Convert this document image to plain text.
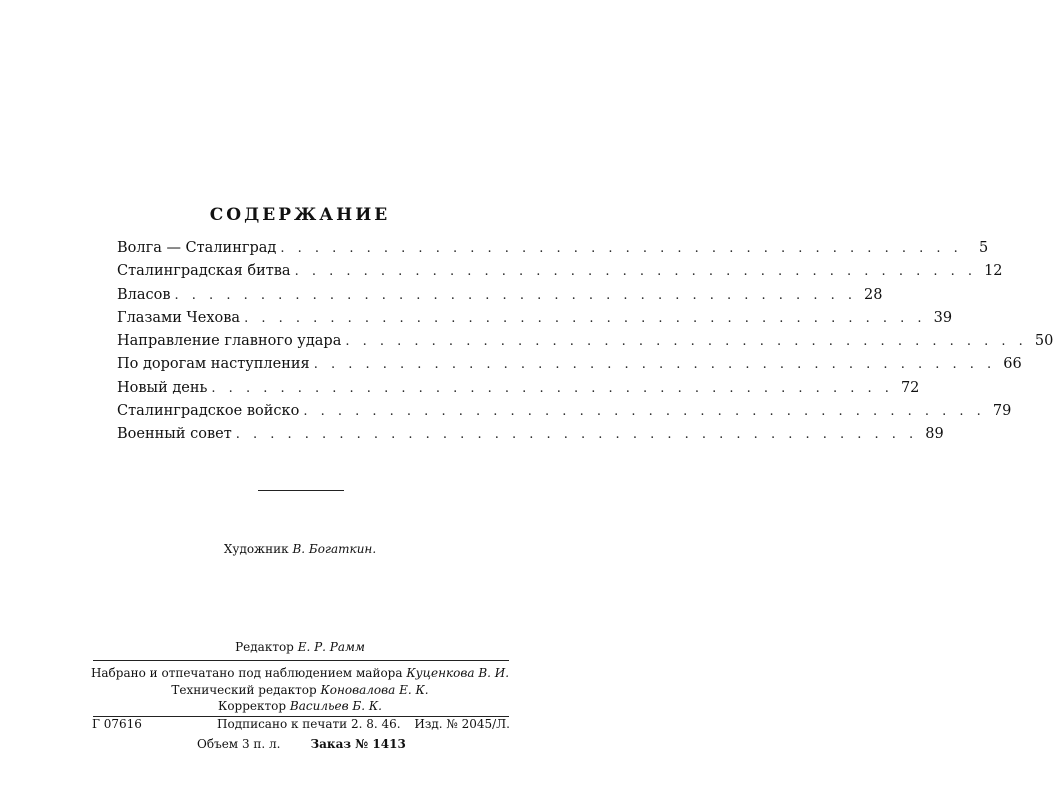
СОДЕРЖАНИЕ
Волга — Сталинград . . . . . . . . . . . . . . . . . . . . . . . . . . . . . . . . . . . . . . . .	5
Сталинградская битва . . . . . . . . . . . . . . . . . . . . . . . . . . . . . . . . . . . . . . . . 12
Власов . . . . . . . . . . . . . . . . . . . . . . . . . . . . . . . . . . . . . . . . 28
Глазами Чехова . . . . . . . . . . . . . . . . . . . . . . . . . . . . . . . . . . . . . . . . 39
Направление главного удара . . . . . . . . . . . . . . . . . . . . . . . . . . . . . . . . . . . . . . . . 50
По дорогам наступления . . . . . . . . . . . . . . . . . . . . . . . . . . . . . . . . . . . . . . . . 66
Новый день . . . . . . . . . . . . . . . . . . . . . . . . . . . . . . . . . . . . . . . . 72
Сталинградское войско . . . . . . . . . . . . . . . . . . . . . . . . . . . . . . . . . . . . . . . . 79
Военный совет . . . . . . . . . . . . . . . . . . . . . . . . . . . . . . . . . . . . . . . . 89
Художник В. Богаткин.
Редактор Е. Р. Рамм
Набрано и отпечатано под наблюдением майора Куценкова В. И.
Технический редактор Коновалова Е. К.
Корректор Васильев Б. К.
Г 07616	Подписано к печати 2. 8. 46. Изд. № 2045/Л.
Объем 3 п. л.	Заказ № 1413
